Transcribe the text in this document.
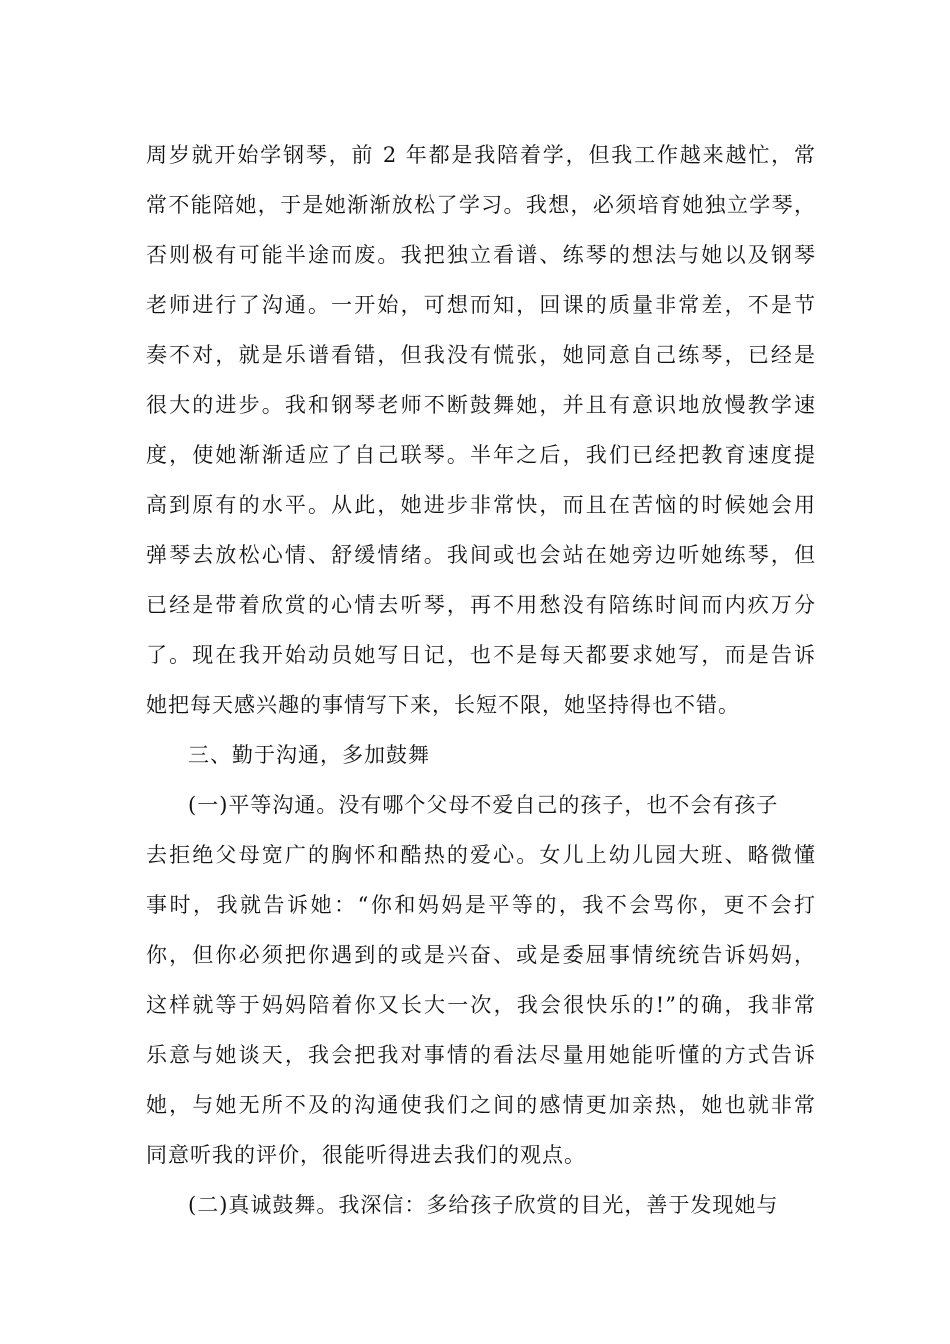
周岁就开始学钢琴，前 2 年都是我陪着学，但我工作越来越忙，常
常不能陪她，于是她渐渐放松了学习。我想，必须培育她独立学琴，
否则极有可能半途而废。我把独立看谱、练琴的想法与她以及钢琴
老师进行了沟通。一开始，可想而知，回课的质量非常差，不是节
奏不对，就是乐谱看错，但我没有慌张，她同意自己练琴，已经是
很大的进步。我和钢琴老师不断鼓舞她，并且有意识地放慢教学速
度，使她渐渐适应了自己联琴。半年之后，我们已经把教育速度提
高到原有的水平。从此，她进步非常快，而且在苦恼的时候她会用
弹琴去放松心情、舒缓情绪。我间或也会站在她旁边听她练琴，但
已经是带着欣赏的心情去听琴，再不用愁没有陪练时间而内疚万分
了。现在我开始动员她写日记，也不是每天都要求她写，而是告诉
她把每天感兴趣的事情写下来，长短不限，她坚持得也不错。
三、勤于沟通，多加鼓舞
(一)平等沟通。没有哪个父母不爱自己的孩子，也不会有孩子
去拒绝父母宽广的胸怀和酷热的爱心。女儿上幼儿园大班、略微懂
事时，我就告诉她：“你和妈妈是平等的，我不会骂你，更不会打
你，但你必须把你遇到的或是兴奋、或是委屈事情统统告诉妈妈，
这样就等于妈妈陪着你又长大一次，我会很快乐的!”的确，我非常
乐意与她谈天，我会把我对事情的看法尽量用她能听懂的方式告诉
她，与她无所不及的沟通使我们之间的感情更加亲热，她也就非常
同意听我的评价，很能听得进去我们的观点。
(二)真诚鼓舞。我深信：多给孩子欣赏的目光，善于发现她与
